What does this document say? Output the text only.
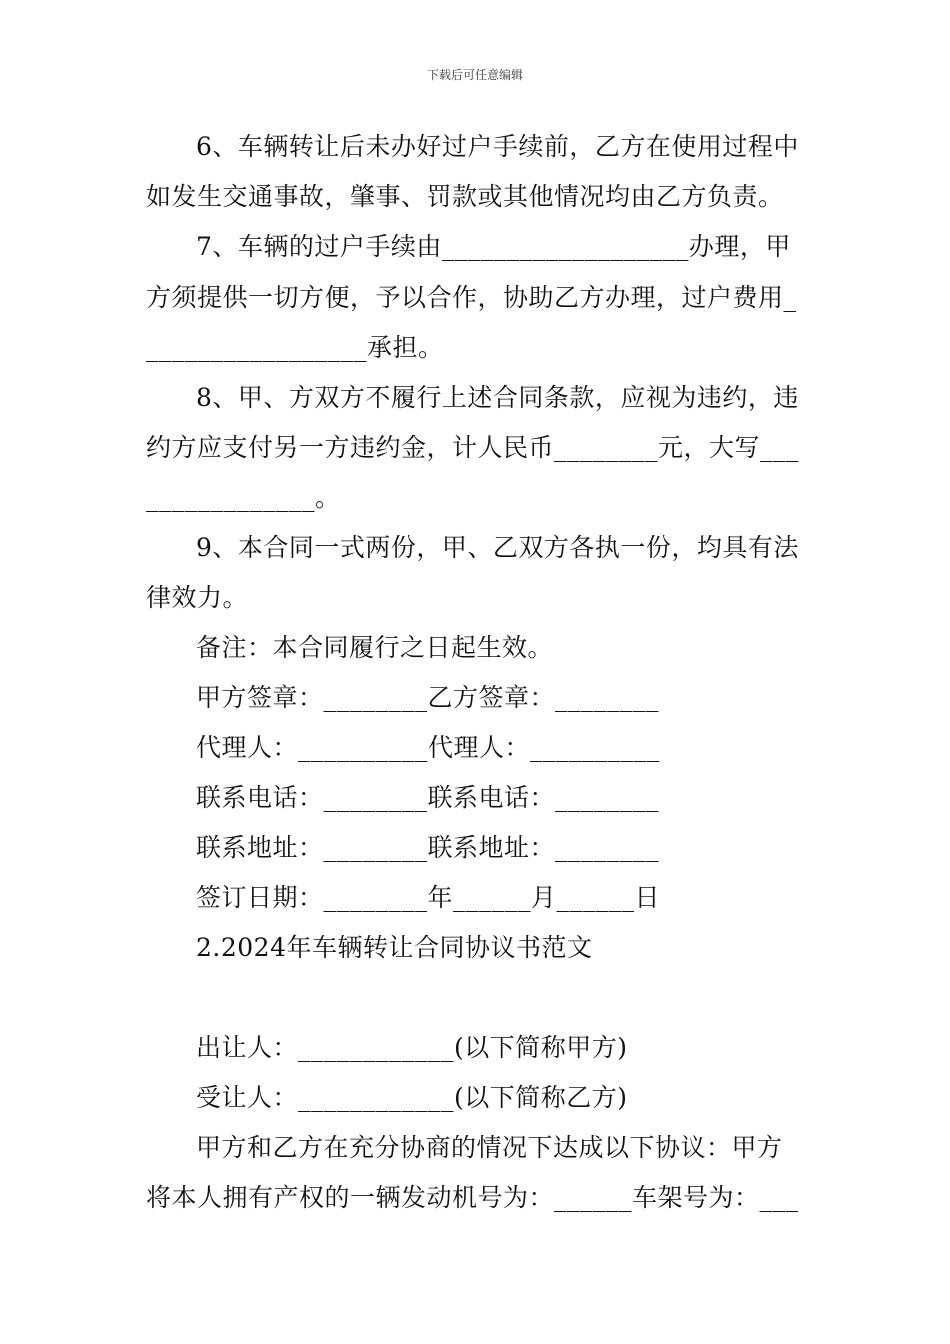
下载后可任意编辑
6、车辆转让后未办好过户手续前，乙方在使用过程中
如发生交通事故，肇事、罚款或其他情况均由乙方负责。
7、车辆的过户手续由___________________办理，甲
方须提供一切方便，予以合作，协助乙方办理，过户费用_
_________________承担。
8、甲、方双方不履行上述合同条款，应视为违约，违
约方应支付另一方违约金，计人民币________元，大写___
_____________。
9、本合同一式两份，甲、乙双方各执一份，均具有法
律效力。
备注：本合同履行之日起生效。
甲方签章：________乙方签章：________
代理人：__________代理人：__________
联系电话：________联系电话：________
联系地址：________联系地址：________
签订日期：________年______月______日
2.2024年车辆转让合同协议书范文
出让人：____________(以下简称甲方)
受让人：____________(以下简称乙方)
甲方和乙方在充分协商的情况下达成以下协议：甲方
将本人拥有产权的一辆发动机号为：______车架号为：___
